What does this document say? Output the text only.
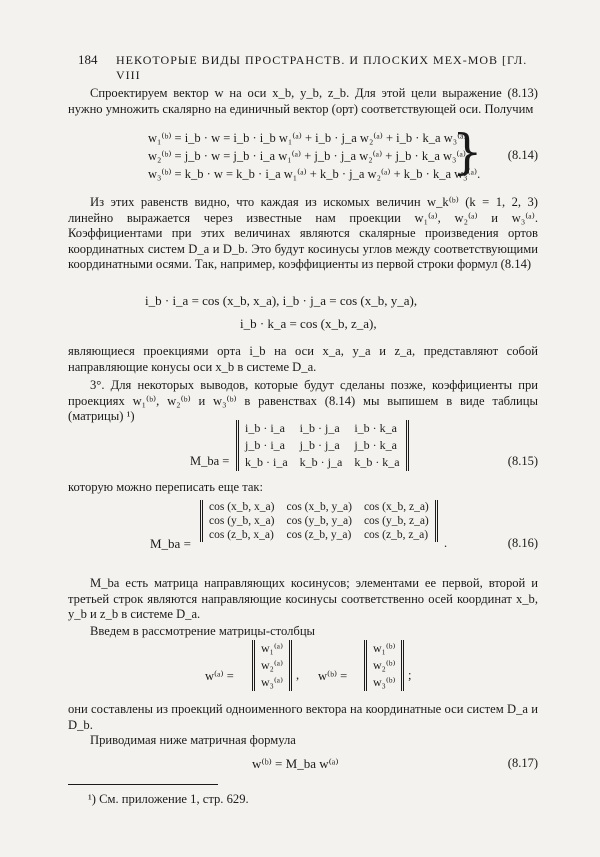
184 НЕКОТОРЫЕ ВИДЫ ПРОСТРАНСТВ. И ПЛОСКИХ МЕХ-МОВ [ГЛ. VIII
Спроектируем вектор w на оси x_b, y_b, z_b. Для этой цели выражение (8.13) нужно умножить скалярно на единичный вектор (орт) соответствующей оси. Получим
w₁⁽ᵇ⁾ = i_b · w = i_b · i_b w₁⁽ᵃ⁾ + i_b · j_a w₂⁽ᵃ⁾ + i_b · k_a w₃⁽ᵃ⁾,
w₂⁽ᵇ⁾ = j_b · w = j_b · i_a w₁⁽ᵃ⁾ + j_b · j_a w₂⁽ᵃ⁾ + j_b · k_a w₃⁽ᵃ⁾,
w₃⁽ᵇ⁾ = k_b · w = k_b · i_a w₁⁽ᵃ⁾ + k_b · j_a w₂⁽ᵃ⁾ + k_b · k_a w₃⁽ᵃ⁾.
} (8.14)
Из этих равенств видно, что каждая из искомых величин w_k⁽ᵇ⁾ (k = 1, 2, 3) линейно выражается через известные нам проекции w₁⁽ᵃ⁾, w₂⁽ᵃ⁾ и w₃⁽ᵃ⁾. Коэффициентами при этих величинах являются скалярные произведения ортов координатных систем D_a и D_b. Это будут косинусы углов между соответствующими координатными осями. Так, например, коэффициенты из первой строки формул (8.14)
i_b · i_a = cos (x_b, x_a), i_b · j_a = cos (x_b, y_a),
i_b · k_a = cos (x_b, z_a),
являющиеся проекциями орта i_b на оси x_a, y_a и z_a, представляют собой направляющие конусы оси x_b в системе D_a.
3°. Для некоторых выводов, которые будут сделаны позже, коэффициенты при проекциях w₁⁽ᵇ⁾, w₂⁽ᵇ⁾ и w₃⁽ᵇ⁾ в равенствах (8.14) мы выпишем в виде таблицы (матрицы) ¹)
M_ba =
i_b · i_a	i_b · j_a	i_b · k_a
j_b · i_a	j_b · j_a	j_b · k_a
k_b · i_a	k_b · j_a	k_b · k_a	(8.15)
которую можно переписать еще так:
M_ba =
cos (x_b, x_a)	cos (x_b, y_a)	cos (x_b, z_a)
cos (y_b, x_a)	cos (y_b, y_a)	cos (y_b, z_a)
cos (z_b, x_a)	cos (z_b, y_a)	cos (z_b, z_a)
.	(8.16)
M_ba есть матрица направляющих косинусов; элементами ее первой, второй и третьей строк являются направляющие косинусы соответственно осей координат x_b, y_b и z_b в системе D_a.
Введем в рассмотрение матрицы-столбцы
w⁽ᵃ⁾ =
w₁⁽ᵃ⁾
w₂⁽ᵃ⁾
w₃⁽ᵃ⁾ , w⁽ᵇ⁾ =
w₁⁽ᵇ⁾
w₂⁽ᵇ⁾
w₃⁽ᵇ⁾ ;
они составлены из проекций одноименного вектора на координатные оси систем D_a и D_b.
Приводимая ниже матричная формула
w⁽ᵇ⁾ = M_ba w⁽ᵃ⁾	(8.17)
¹) См. приложение 1, стр. 629.
